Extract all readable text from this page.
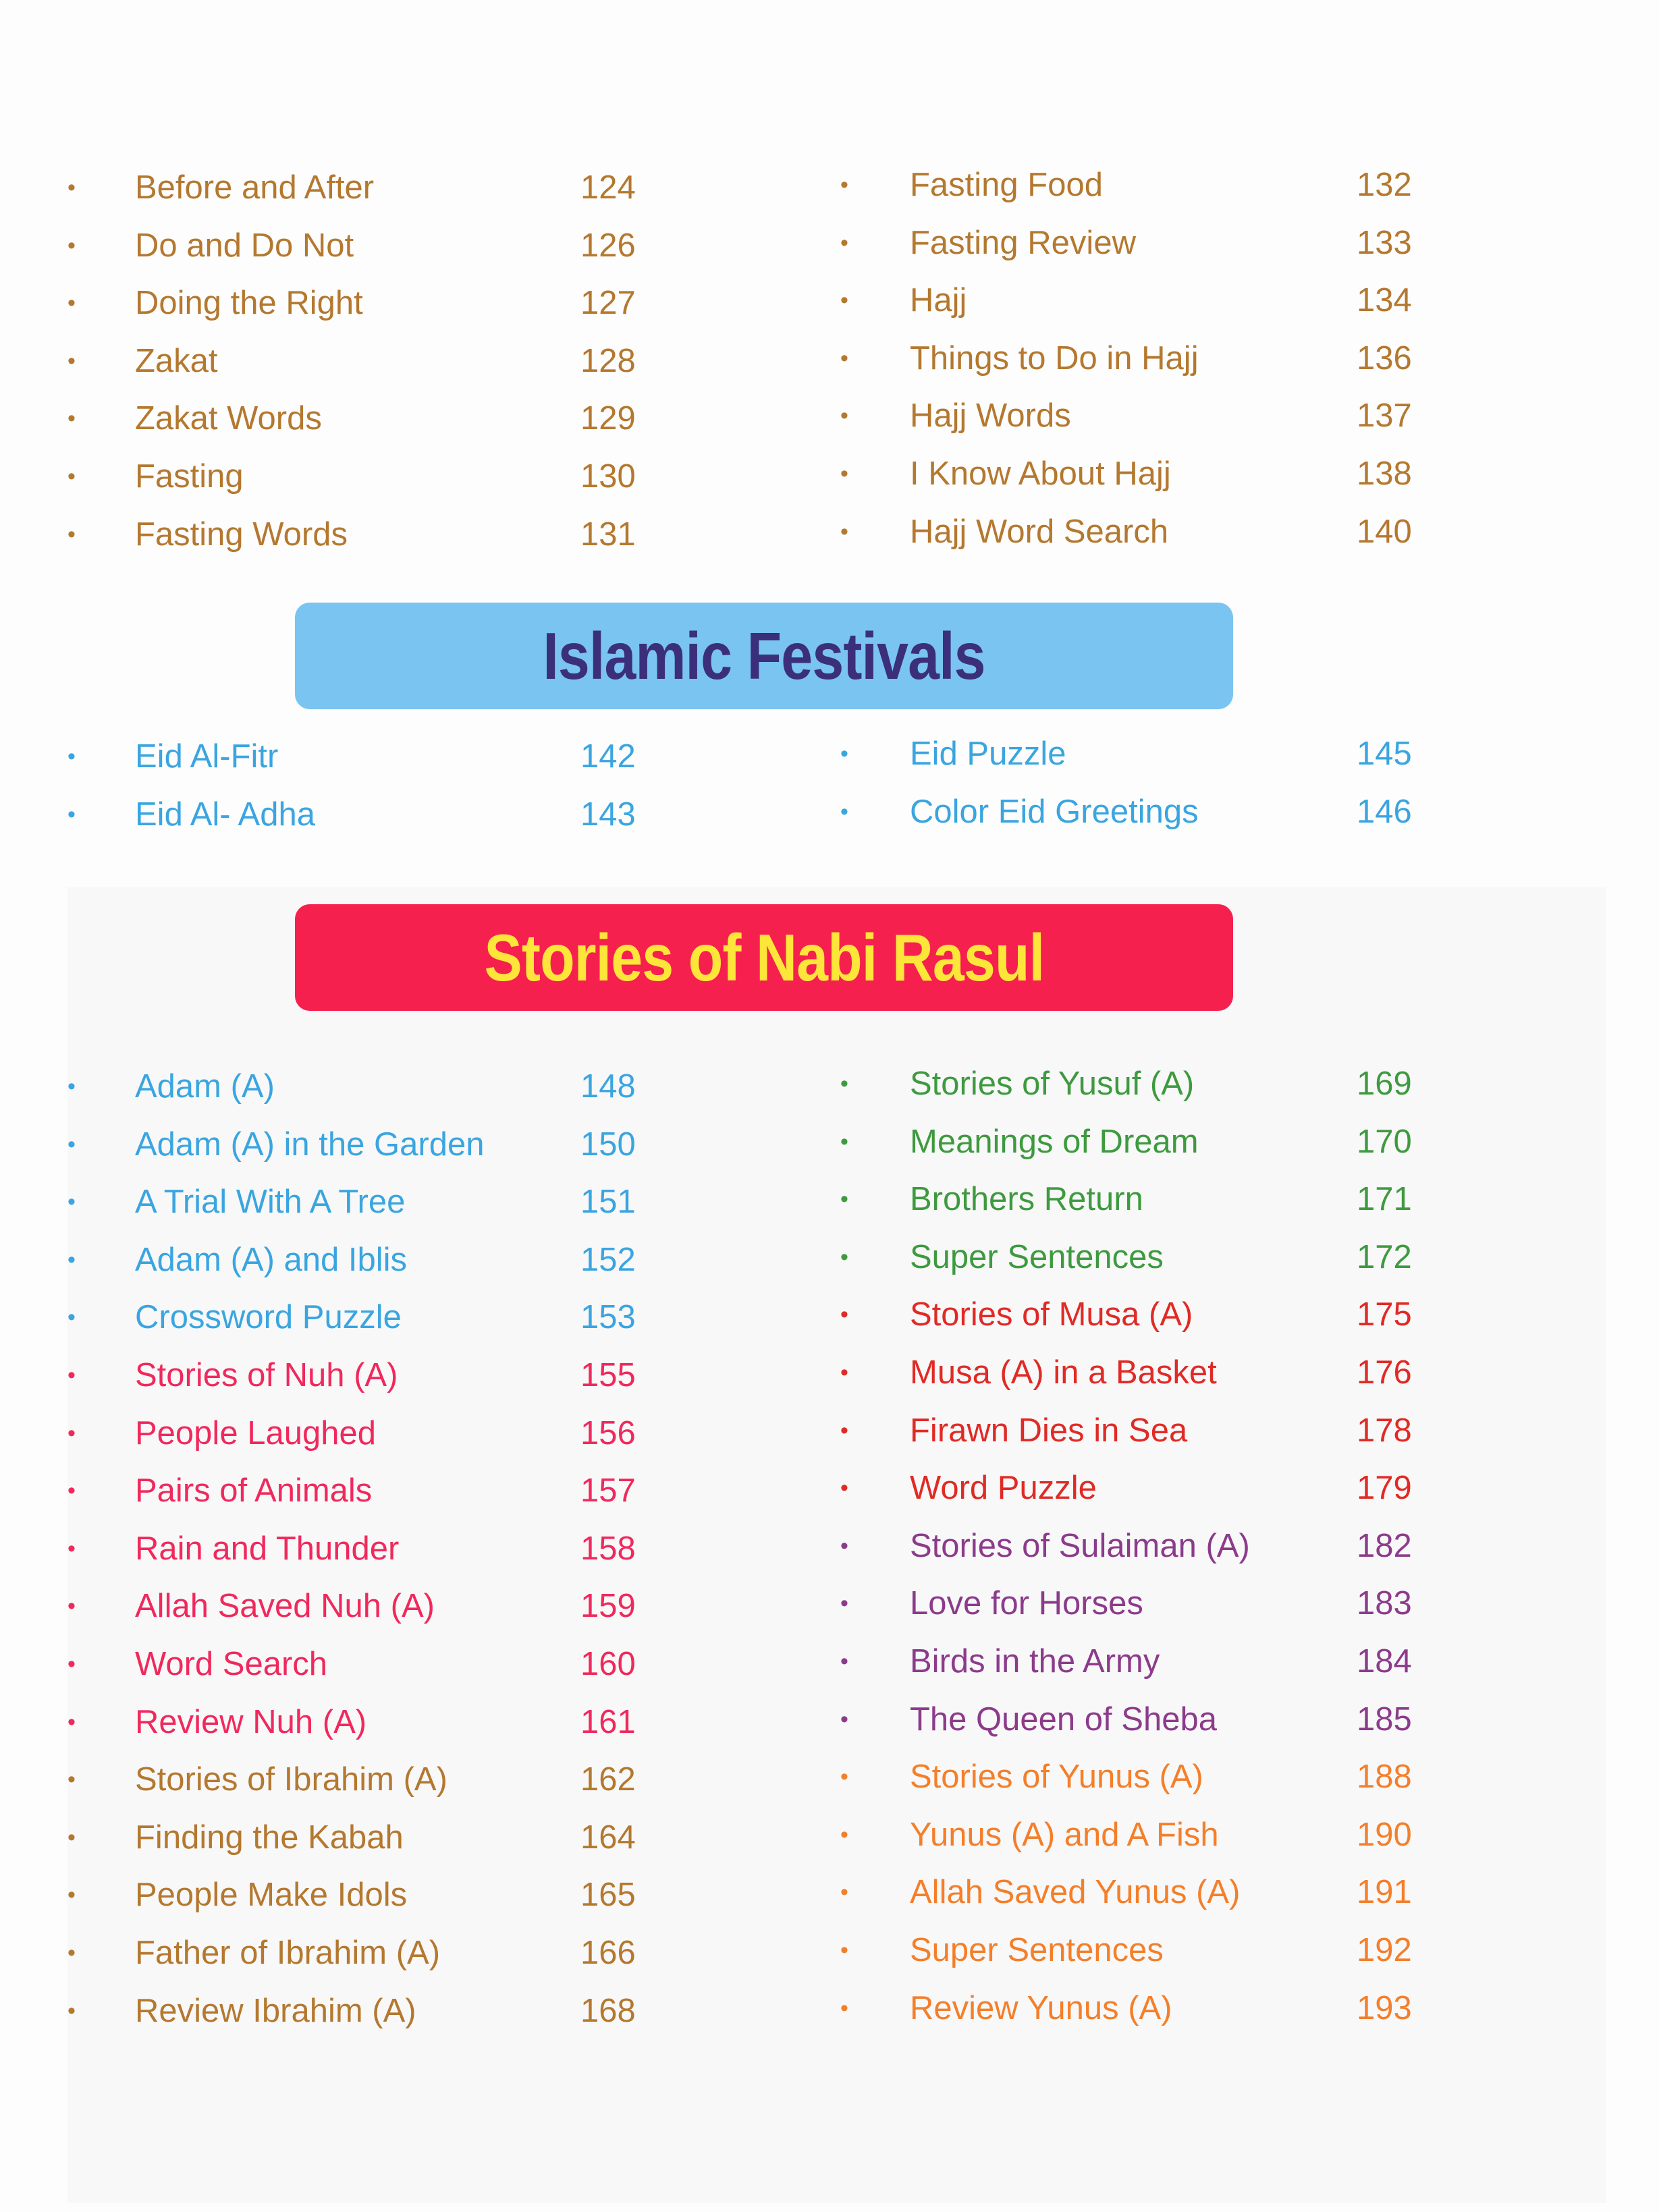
• Before and After	124
• Do and Do Not	126
• Doing the Right	127
• Zakat	128
• Zakat Words	129
• Fasting	130
• Fasting Words	131
• Fasting Food	132
• Fasting Review	133
• Hajj	134
• Things to Do in Hajj	136
• Hajj Words	137
• I Know About Hajj	138
• Hajj Word Search	140
Islamic Festivals
• Eid Al-Fitr	142
• Eid Al- Adha	143
• Eid Puzzle	145
• Color Eid Greetings	146
Stories of Nabi Rasul
• Adam (A)	148
• Adam (A) in the Garden	150
• A Trial With A Tree	151
• Adam (A) and Iblis	152
• Crossword Puzzle	153
• Stories of Nuh (A)	155
• People Laughed	156
• Pairs of Animals	157
• Rain and Thunder	158
• Allah Saved Nuh (A)	159
• Word Search	160
• Review Nuh (A)	161
• Stories of Ibrahim (A)	162
• Finding the Kabah	164
• People Make Idols	165
• Father of Ibrahim (A)	166
• Review Ibrahim (A)	168
• Stories of Yusuf (A)	169
• Meanings of Dream	170
• Brothers Return	171
• Super Sentences	172
• Stories of Musa (A)	175
• Musa (A) in a Basket	176
• Firawn Dies in Sea	178
• Word Puzzle	179
• Stories of Sulaiman (A)	182
• Love for Horses	183
• Birds in the Army	184
• The Queen of Sheba	185
• Stories of Yunus (A)	188
• Yunus (A) and A Fish	190
• Allah Saved Yunus (A)	191
• Super Sentences	192
• Review Yunus (A)	193
